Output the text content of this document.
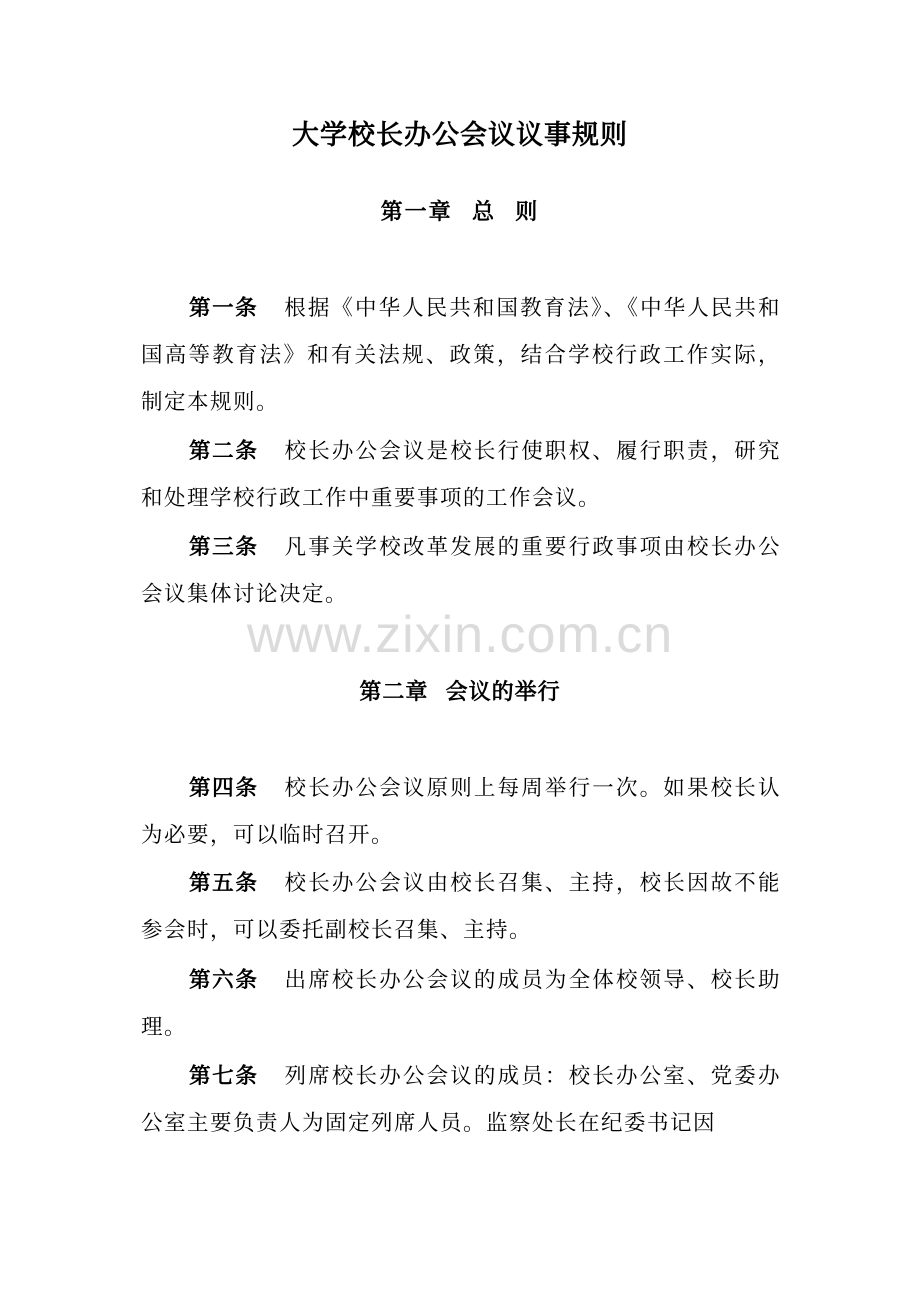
大学校长办公会议议事规则
第一章  总  则

第一条 根据《中华人民共和国教育法》、《中华人民共和国高等教育法》和有关法规、政策，结合学校行政工作实际，制定本规则。

第二条 校长办公会议是校长行使职权、履行职责，研究和处理学校行政工作中重要事项的工作会议。

第三条 凡事关学校改革发展的重要行政事项由校长办公会议集体讨论决定。

www.zixin.com.cn
第二章  会议的举行

第四条 校长办公会议原则上每周举行一次。如果校长认为必要，可以临时召开。

第五条 校长办公会议由校长召集、主持，校长因故不能参会时，可以委托副校长召集、主持。

第六条 出席校长办公会议的成员为全体校领导、校长助理。

第七条 列席校长办公会议的成员：校长办公室、党委办公室主要负责人为固定列席人员。监察处长在纪委书记因
